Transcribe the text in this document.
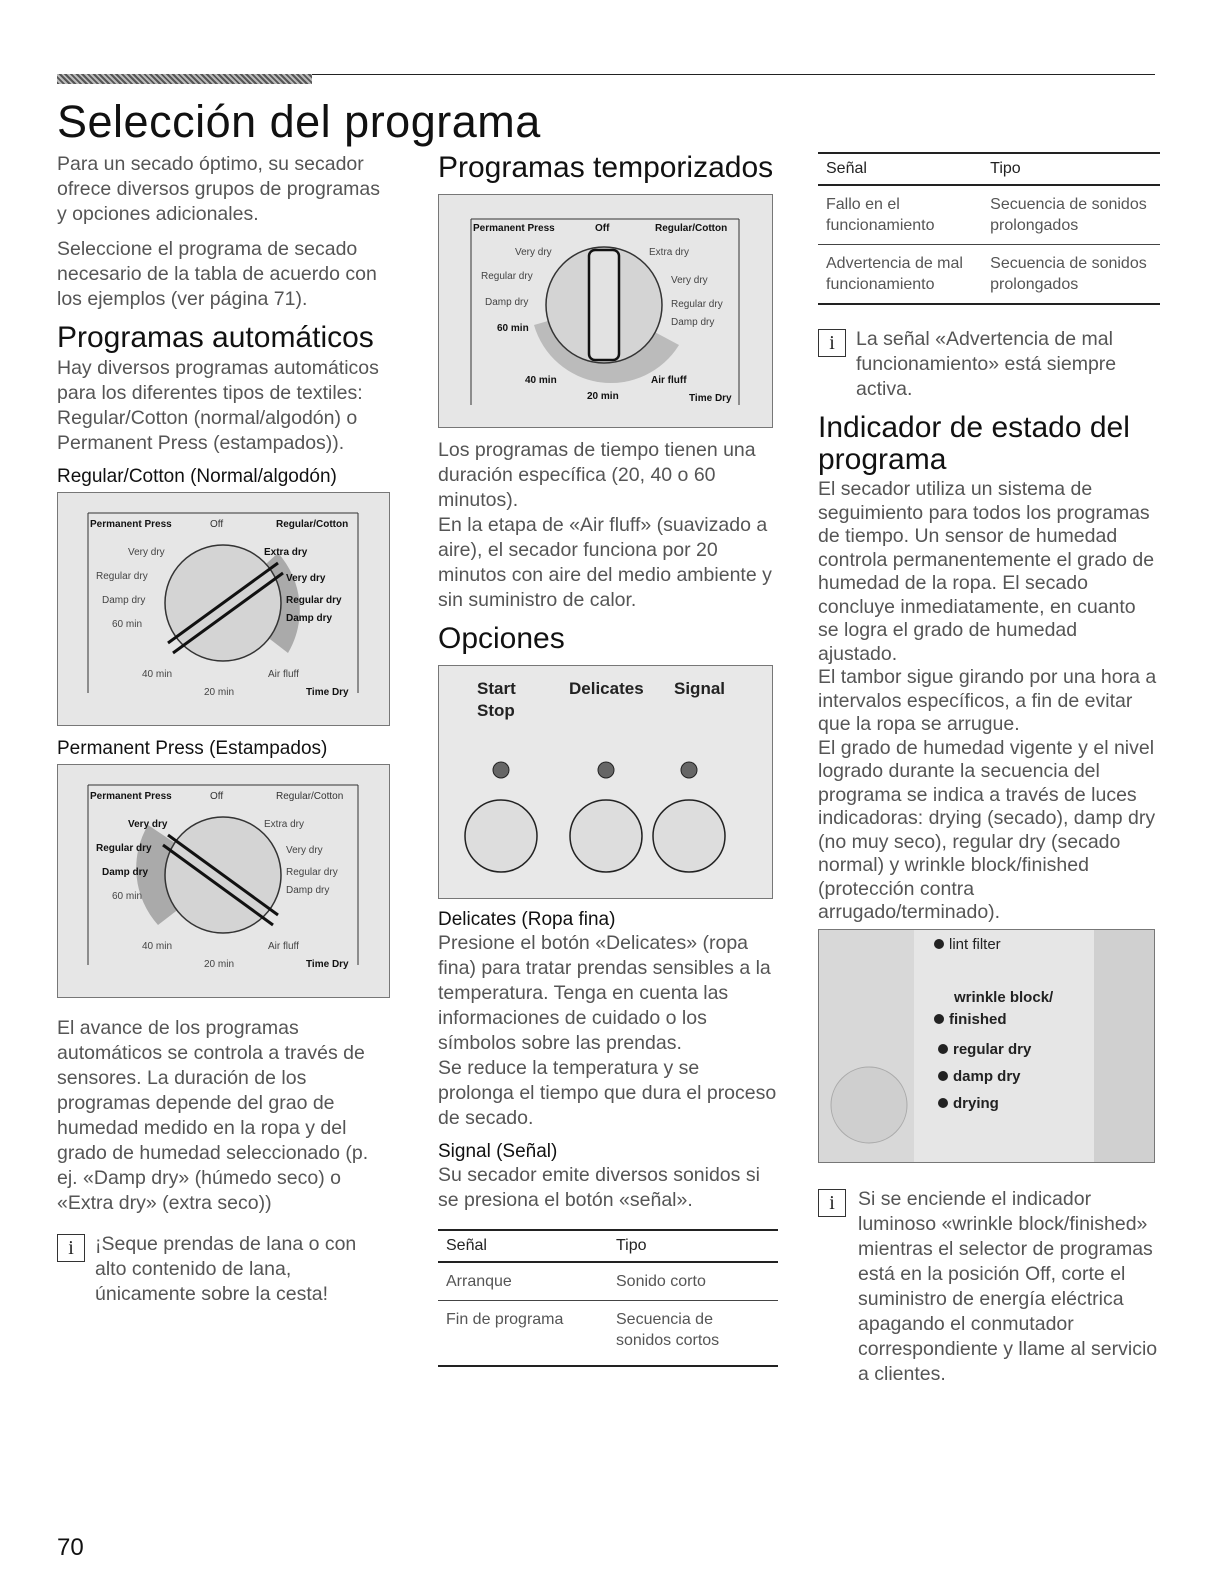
Selección del programa

Para un secado óptimo, su secador ofrece diversos grupos de programas y opciones adicionales.

Seleccione el programa de secado necesario de la tabla de acuerdo con los ejemplos (ver página 71).

Programas automáticos

Hay diversos programas automáticos para los diferentes tipos de textiles: Regular/Cotton (normal/algodón) o Permanent Press (estampados)).

Regular/Cotton (Normal/algodón)
Permanent Press	Off	Regular/Cotton
Very dry	Extra dry
Regular dry	Very dry
Damp dry	Regular dry
Damp dry
60 min
40 min
20 min
Air fluff
Time Dry
Permanent Press (Estampados)
Permanent Press	Off	Regular/Cotton
Very dry	Extra dry
Regular dry	Very dry
Damp dry	Regular dry
Damp dry
60 min
40 min
20 min
Air fluff
Time Dry

El avance de los programas automáticos se controla a través de sensores. La duración de los programas depende del grao de humedad medido en la ropa y del grado de humedad seleccionado (p. ej. «Damp dry» (húmedo seco) o «Extra dry» (extra seco))

i	¡Seque prendas de lana o con alto contenido de lana, únicamente sobre la cesta!
Programas temporizados
Permanent Press	Off	Regular/Cotton
Very dry	Extra dry
Regular dry	Very dry
Damp dry	Regular dry
Damp dry
60 min
40 min
20 min
Air fluff
Time Dry

Los programas de tiempo tienen una duración específica (20, 40 o 60 minutos).

En la etapa de «Air fluff» (suavizado a aire), el secador funciona por 20 minutos con aire del medio ambiente y sin suministro de calor.

Opciones
Start
Stop
Delicates Signal
Delicates (Ropa fina)

Presione el botón «Delicates» (ropa fina) para tratar prendas sensibles a la temperatura. Tenga en cuenta las informaciones de cuidado o los símbolos sobre las prendas.

Se reduce la temperatura y se prolonga el tiempo que dura el proceso de secado.

Signal (Señal)

Su secador emite diversos sonidos si se presiona el botón «señal».

Señal	Tipo
Arranque	Sonido corto
Fin de programa	Secuencia de sonidos cortos
Señal	Tipo
Fallo en el funcionamiento	Secuencia de sonidos prolongados
Advertencia de mal funcionamiento	Secuencia de sonidos prolongados
i	La señal «Advertencia de mal funcionamiento» está siempre activa.
Indicador de estado del programa

El secador utiliza un sistema de seguimiento para todos los programas de tiempo. Un sensor de humedad controla permanentemente el grado de humedad de la ropa. El secado concluye inmediatamente, en cuanto se logra el grado de humedad ajustado.

El tambor sigue girando por una hora a intervalos específicos, a fin de evitar que la ropa se arrugue.

El grado de humedad vigente y el nivel logrado durante la secuencia del programa se indica a través de luces indicadoras: drying (secado), damp dry (no muy seco), regular dry (secado normal) y wrinkle block/finished (protección contra arrugado/terminado).

lint filter
wrinkle block/
finished
regular dry
damp dry
drying
i	Si se enciende el indicador luminoso «wrinkle block/finished» mientras el selector de programas está en la posición Off, corte el suministro de energía eléctrica apagando el conmutador correspondiente y llame al servicio a clientes.
70
